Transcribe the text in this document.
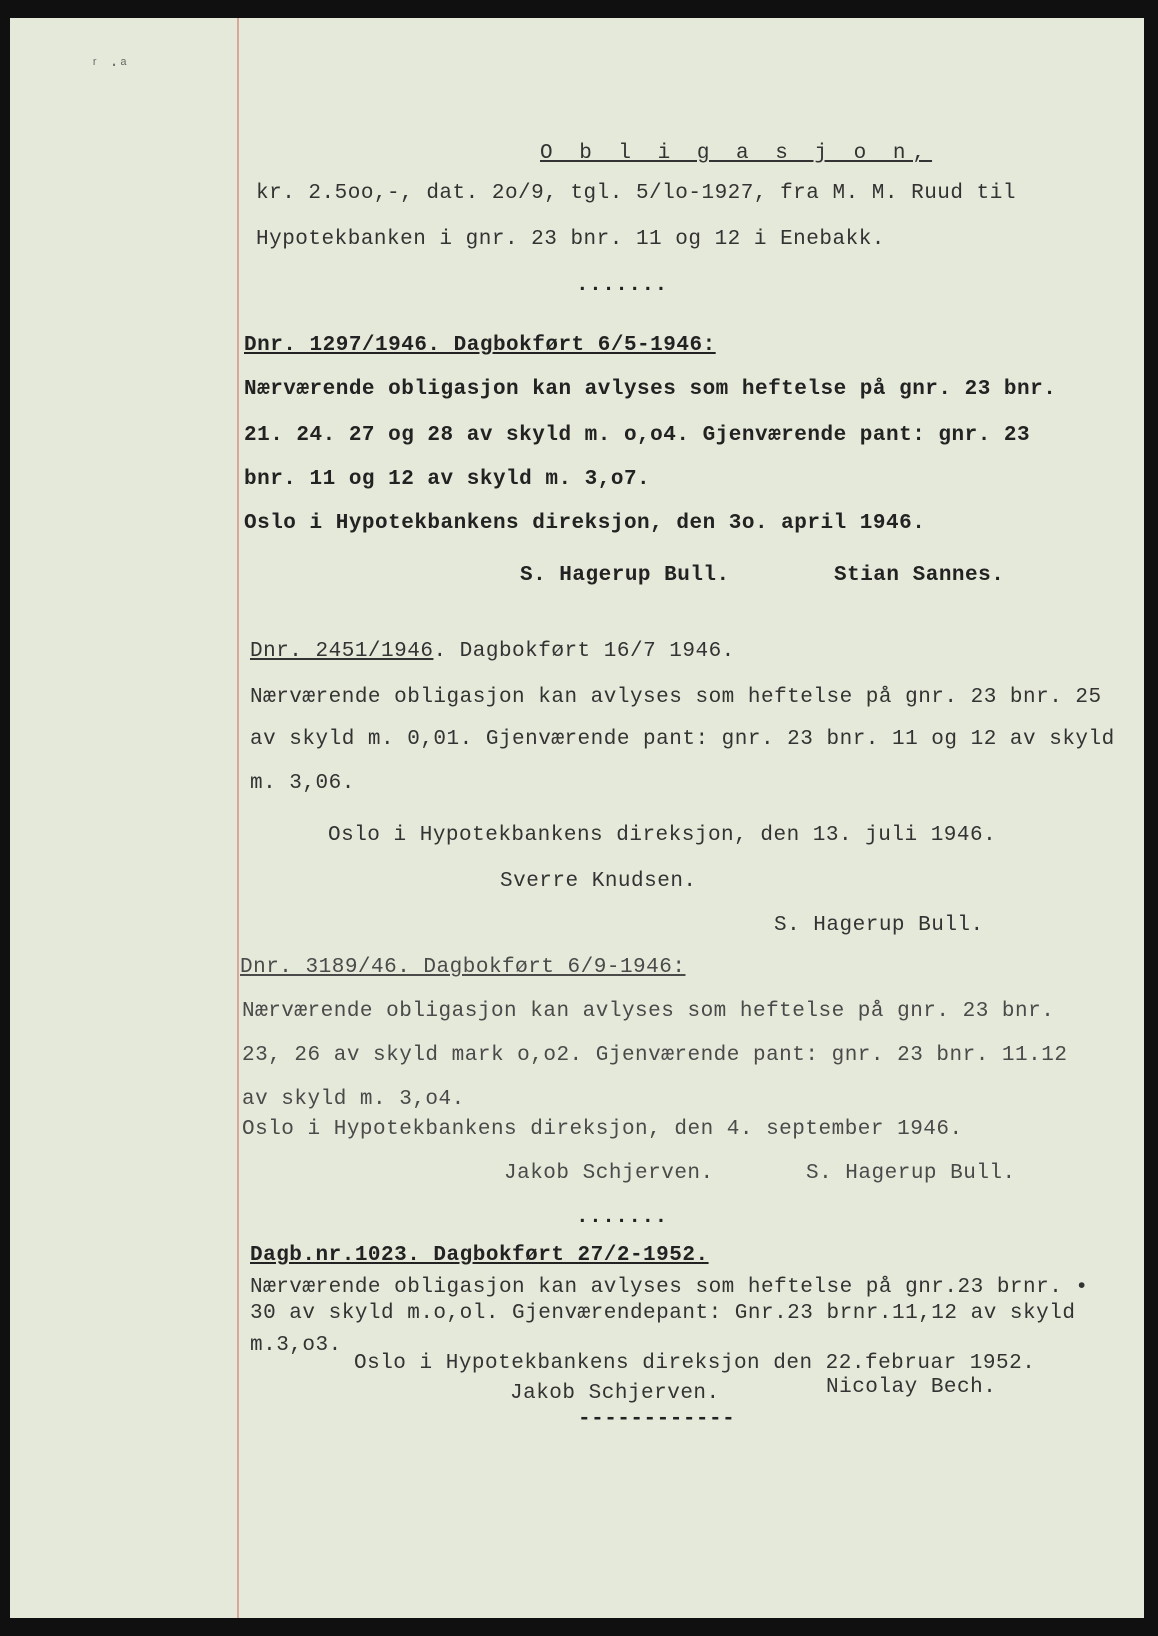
ʳ ·ᵃ
O b l i g a s j o n,
kr. 2.5oo,-, dat. 2o/9, tgl. 5/lo-1927, fra M. M. Ruud til
Hypotekbanken i gnr. 23 bnr. 11 og 12 i Enebakk.
.......
Dnr. 1297/1946. Dagbokført 6/5-1946:
Nærværende obligasjon kan avlyses som heftelse på gnr. 23 bnr.
21. 24. 27 og 28 av skyld m. o,o4. Gjenværende pant: gnr. 23
bnr. 11 og 12 av skyld m. 3,o7.
Oslo i Hypotekbankens direksjon, den 3o. april 1946.
S. Hagerup Bull.	Stian Sannes.
Dnr. 2451/1946. Dagbokført 16/7 1946.
Nærværende obligasjon kan avlyses som heftelse på gnr. 23 bnr. 25
av skyld m. 0,01. Gjenværende pant: gnr. 23 bnr. 11 og 12 av skyld
m. 3,06.
Oslo i Hypotekbankens direksjon, den 13. juli 1946.
Sverre Knudsen.
S. Hagerup Bull.
Dnr. 3189/46. Dagbokført 6/9-1946:
Nærværende obligasjon kan avlyses som heftelse på gnr. 23 bnr.
23, 26 av skyld mark o,o2. Gjenværende pant: gnr. 23 bnr. 11.12
av skyld m. 3,o4.
Oslo i Hypotekbankens direksjon, den 4. september 1946.
Jakob Schjerven.	S. Hagerup Bull.
.......
Dagb.nr.1023. Dagbokført 27/2-1952.
Nærværende obligasjon kan avlyses som heftelse på gnr.23 brnr. •
30 av skyld m.o,ol. Gjenværendepant: Gnr.23 brnr.11,12 av skyld
m.3,o3.
Oslo i Hypotekbankens direksjon den 22.februar 1952.
Jakob Schjerven.	Nicolay Bech.
------------
